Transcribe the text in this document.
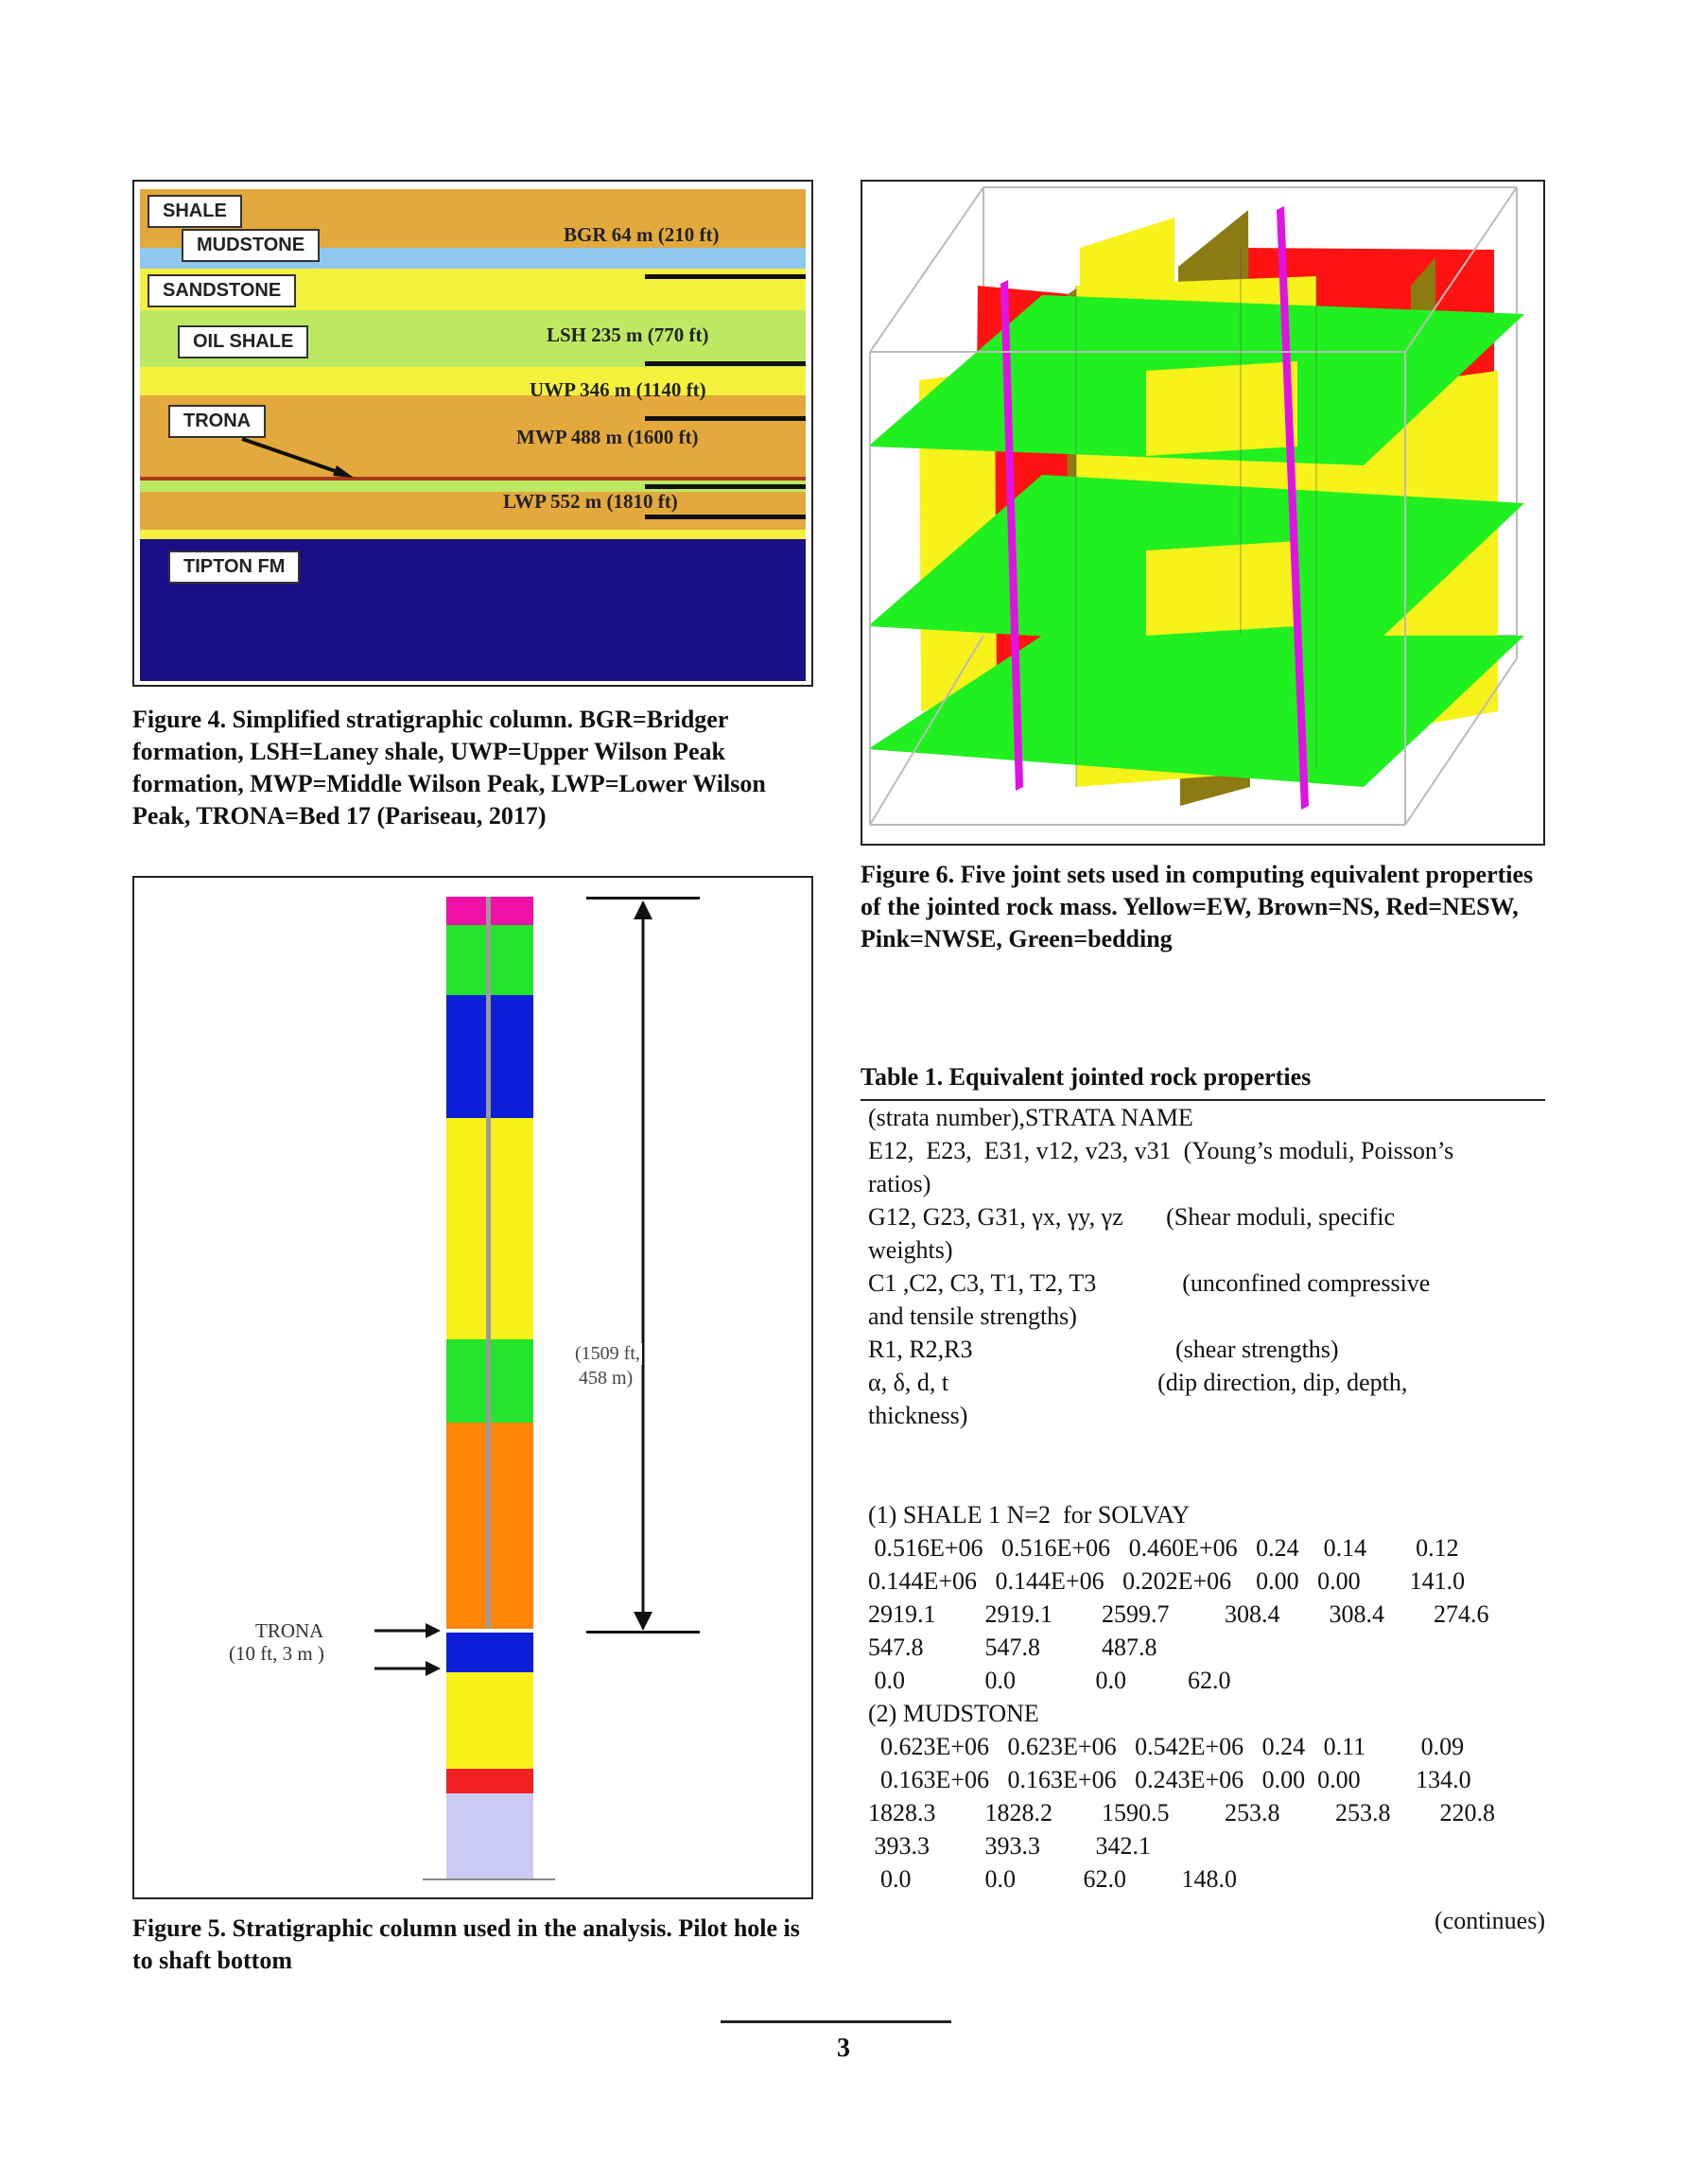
SHALE
MUDSTONE
SANDSTONE
OIL SHALE
TRONA
TIPTON FM
BGR 64 m (210 ft)
LSH 235 m (770 ft)
UWP 346 m (1140 ft)
MWP 488 m (1600 ft)
LWP 552 m (1810 ft)
Figure 4. Simplified stratigraphic column. BGR=Bridger formation, LSH=Laney shale, UWP=Upper Wilson Peak formation, MWP=Middle Wilson Peak, LWP=Lower Wilson Peak, TRONA=Bed 17 (Pariseau, 2017)
(1509 ft,
458 m)
TRONA
(10 ft, 3 m )
Figure 5. Stratigraphic column used in the analysis. Pilot hole is to shaft bottom
Figure 6. Five joint sets used in computing equivalent properties of the jointed rock mass. Yellow=EW, Brown=NS, Red=NESW, Pink=NWSE, Green=bedding
Table 1. Equivalent jointed rock properties
(strata number),STRATA NAME
E12,  E23,  E31, v12, v23, v31  (Young’s moduli, Poisson’s
ratios)
G12, G23, G31, γx, γy, γz       (Shear moduli, specific
weights)
C1 ,C2, C3, T1, T2, T3              (unconfined compressive
and tensile strengths)
R1, R2,R3                                 (shear strengths)
α, δ, d, t                                  (dip direction, dip, depth,
thickness)
(1) SHALE 1 N=2  for SOLVAY
0.516E+06   0.516E+06   0.460E+06   0.24    0.14        0.12
0.144E+06   0.144E+06   0.202E+06    0.00   0.00        141.0
2919.1        2919.1        2599.7         308.4        308.4        274.6
547.8          547.8          487.8
0.0             0.0             0.0          62.0
(2) MUDSTONE
0.623E+06   0.623E+06   0.542E+06   0.24   0.11         0.09
0.163E+06   0.163E+06   0.243E+06   0.00  0.00         134.0
1828.3        1828.2        1590.5         253.8         253.8        220.8
393.3         393.3         342.1
0.0            0.0           62.0         148.0
(continues)
3
